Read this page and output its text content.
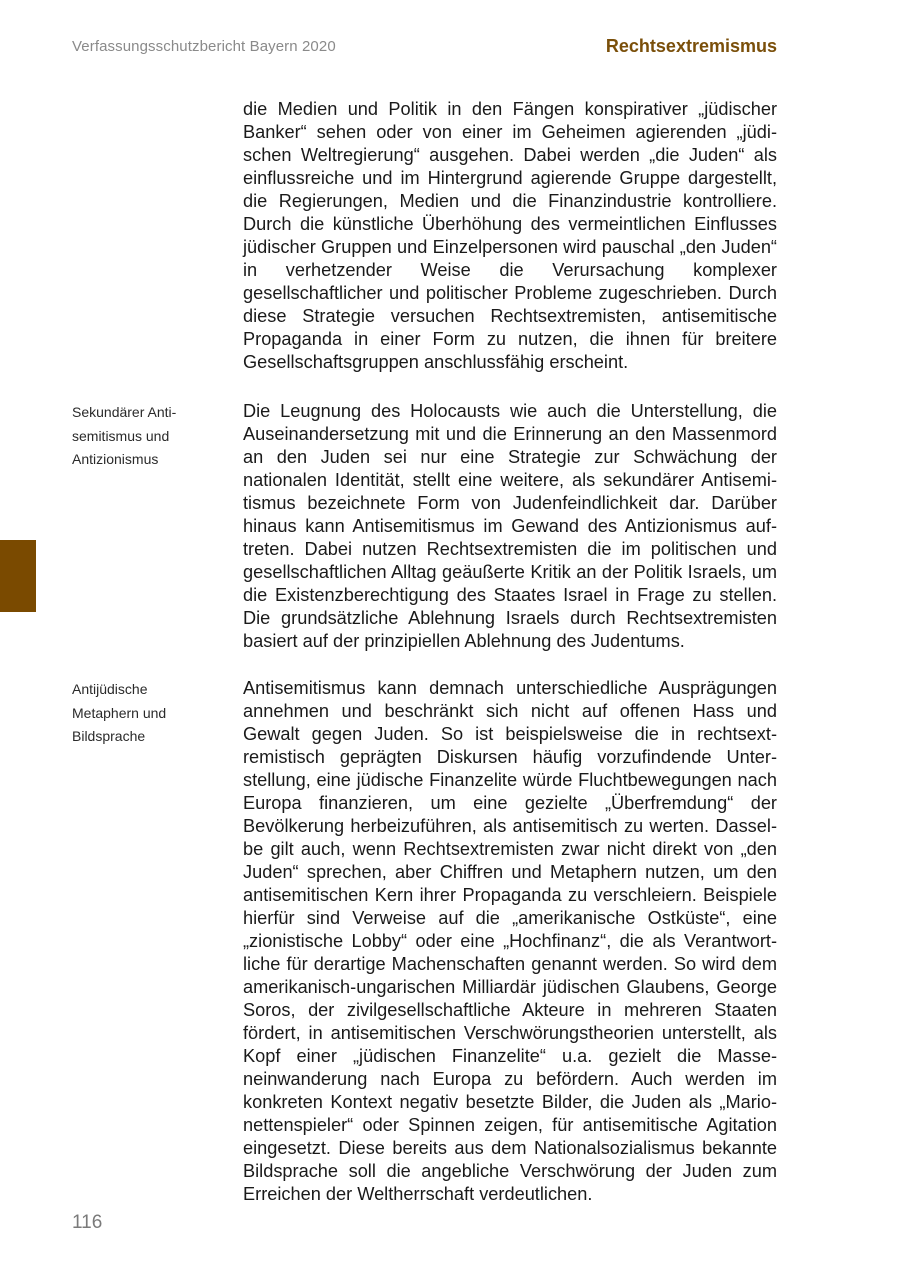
Verfassungsschutzbericht Bayern 2020	Rechtsextremismus

die Medien und Politik in den Fängen konspirativer „jüdischer Banker“ sehen oder von einer im Geheimen agierenden „jüdischen Weltregierung“ ausgehen. Dabei werden „die Juden“ als einflussreiche und im Hintergrund agierende Gruppe dargestellt, die Regierungen, Medien und die Finanzindustrie kontrolliere. Durch die künstliche Überhöhung des vermeintlichen Einflusses jüdischer Gruppen und Einzelpersonen wird pauschal „den Juden“ in verhetzender Weise die Verursachung komplexer gesellschaftlicher und politischer Probleme zugeschrieben. Durch diese Strategie versuchen Rechtsextremisten, antisemitische Propaganda in einer Form zu nutzen, die ihnen für breitere Gesellschaftsgruppen anschlussfähig erscheint.

Sekundärer Anti-
semitismus und
Antizionismus

Die Leugnung des Holocausts wie auch die Unterstellung, die Auseinandersetzung mit und die Erinnerung an den Massenmord an den Juden sei nur eine Strategie zur Schwächung der nationalen Identität, stellt eine weitere, als sekundärer Antisemitismus bezeichnete Form von Judenfeindlichkeit dar. Darüber hinaus kann Antisemitismus im Gewand des Antizionismus auftreten. Dabei nutzen Rechtsextremisten die im politischen und gesellschaftlichen Alltag geäußerte Kritik an der Politik Israels, um die Existenzberechtigung des Staates Israel in Frage zu stellen. Die grundsätzliche Ablehnung Israels durch Rechtsextremisten basiert auf der prinzipiellen Ablehnung des Judentums.

Antijüdische
Metaphern und
Bildsprache

Antisemitismus kann demnach unterschiedliche Ausprägungen annehmen und beschränkt sich nicht auf offenen Hass und Gewalt gegen Juden. So ist beispielsweise die in rechtsextremistisch geprägten Diskursen häufig vorzufindende Unterstellung, eine jüdische Finanzelite würde Fluchtbewegungen nach Europa finanzieren, um eine gezielte „Überfremdung“ der Bevölkerung herbeizuführen, als antisemitisch zu werten. Dasselbe gilt auch, wenn Rechtsextremisten zwar nicht direkt von „den Juden“ sprechen, aber Chiffren und Metaphern nutzen, um den antisemitischen Kern ihrer Propaganda zu verschleiern. Beispiele hierfür sind Verweise auf die „amerikanische Ostküste“, eine „zionistische Lobby“ oder eine „Hochfinanz“, die als Verantwortliche für derartige Machenschaften genannt werden. So wird dem amerikanisch-ungarischen Milliardär jüdischen Glaubens, George Soros, der zivilgesellschaftliche Akteure in mehreren Staaten fördert, in antisemitischen Verschwörungstheorien unterstellt, als Kopf einer „jüdischen Finanzelite“ u.a. gezielt die Masseneinwanderung nach Europa zu befördern. Auch werden im konkreten Kontext negativ besetzte Bilder, die Juden als „Marionettenspieler“ oder Spinnen zeigen, für antisemitische Agitation eingesetzt. Diese bereits aus dem Nationalsozialismus bekannte Bildsprache soll die angebliche Verschwörung der Juden zum Erreichen der Weltherrschaft verdeutlichen.

116
